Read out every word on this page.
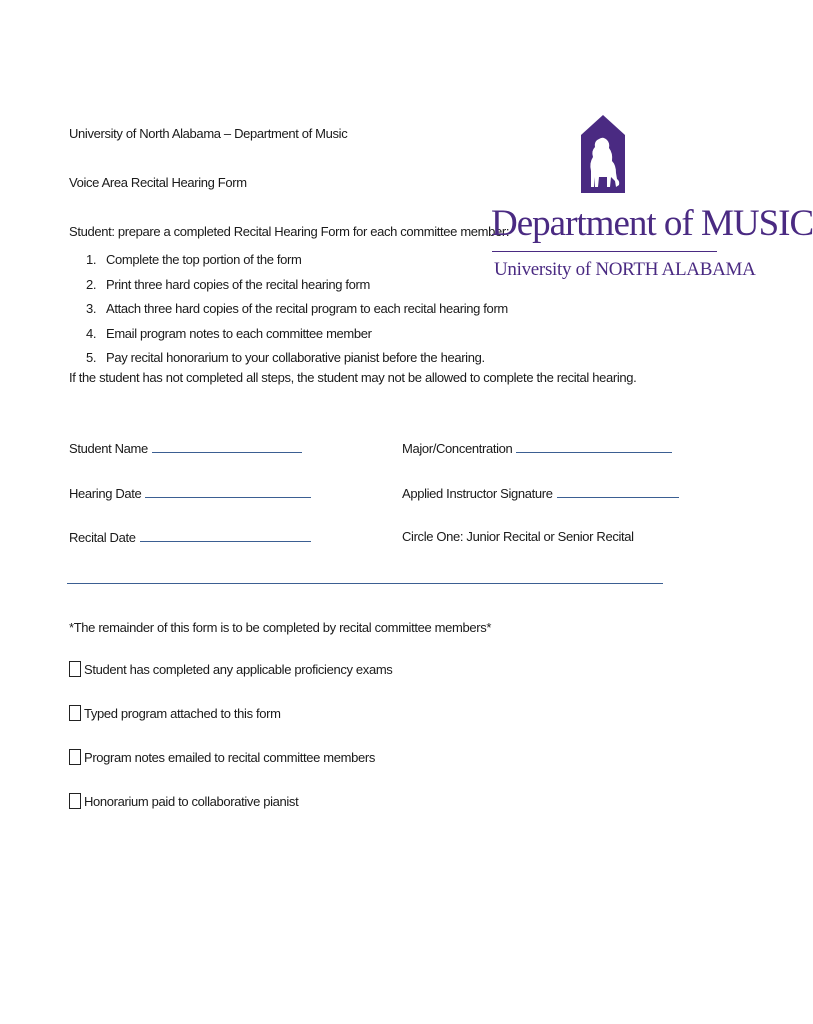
University of North Alabama – Department of Music
Voice Area Recital Hearing Form
Student: prepare a completed Recital Hearing Form for each committee member:
1. Complete the top portion of the form
2. Print three hard copies of the recital hearing form
3. Attach three hard copies of the recital program to each recital hearing form
4. Email program notes to each committee member
5. Pay recital honorarium to your collaborative pianist before the hearing.
If the student has not completed all steps, the student may not be allowed to complete the recital hearing.
Department of MUSIC
University of NORTH ALABAMA
Student Name	Major/Concentration
Hearing Date	Applied Instructor Signature
Recital Date	Circle One: Junior Recital or Senior Recital
*The remainder of this form is to be completed by recital committee members*
Student has completed any applicable proficiency exams
Typed program attached to this form
Program notes emailed to recital committee members
Honorarium paid to collaborative pianist
